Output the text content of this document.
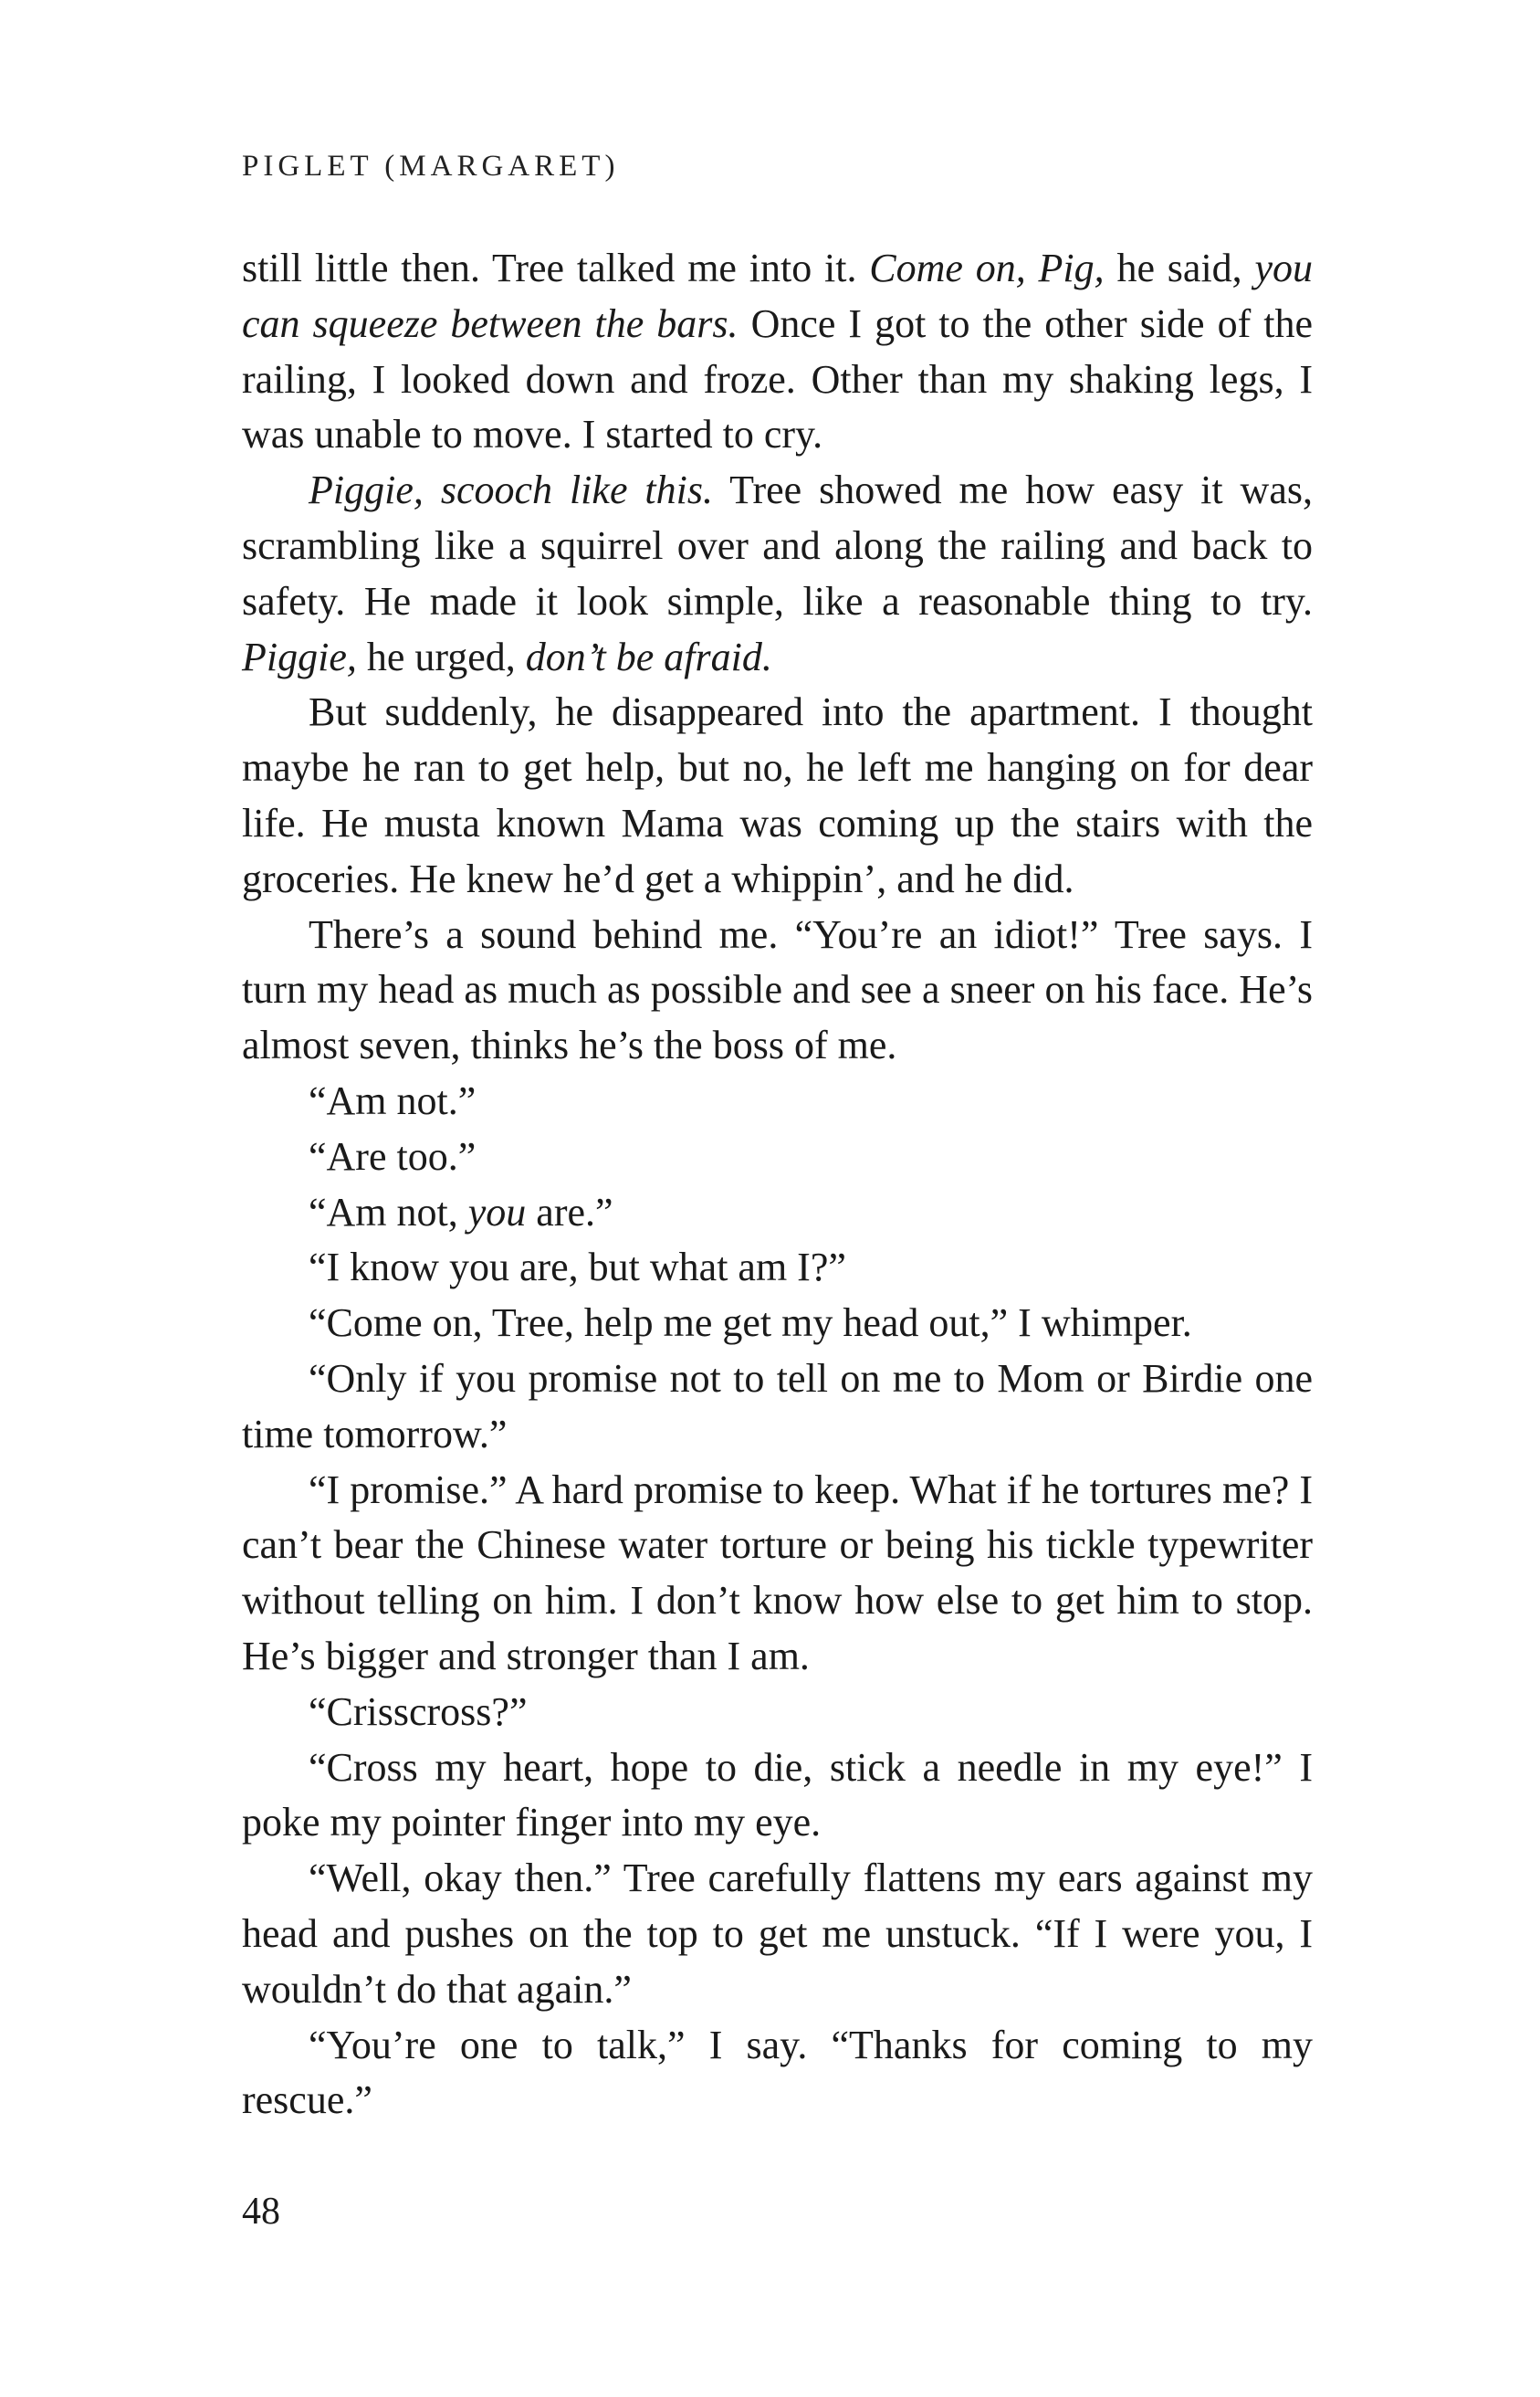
PIGLET (MARGARET)

still little then. Tree talked me into it. Come on, Pig, he said, you can squeeze between the bars. Once I got to the other side of the railing, I looked down and froze. Other than my shaking legs, I was unable to move. I started to cry.

Piggie, scooch like this. Tree showed me how easy it was, scrambling like a squirrel over and along the railing and back to safety. He made it look simple, like a reasonable thing to try. Piggie, he urged, don’t be afraid.

But suddenly, he disappeared into the apartment. I thought maybe he ran to get help, but no, he left me hanging on for dear life. He musta known Mama was coming up the stairs with the groceries. He knew he’d get a whippin’, and he did.

There’s a sound behind me. “You’re an idiot!” Tree says. I turn my head as much as possible and see a sneer on his face. He’s almost seven, thinks he’s the boss of me.

“Am not.”

“Are too.”

“Am not, you are.”

“I know you are, but what am I?”

“Come on, Tree, help me get my head out,” I whimper.

“Only if you promise not to tell on me to Mom or Birdie one time tomorrow.”

“I promise.” A hard promise to keep. What if he tortures me? I can’t bear the Chinese water torture or being his tickle typewriter without telling on him. I don’t know how else to get him to stop. He’s bigger and stronger than I am.

“Crisscross?”

“Cross my heart, hope to die, stick a needle in my eye!” I poke my pointer finger into my eye.

“Well, okay then.” Tree carefully flattens my ears against my head and pushes on the top to get me unstuck. “If I were you, I wouldn’t do that again.”

“You’re one to talk,” I say. “Thanks for coming to my rescue.”

48
